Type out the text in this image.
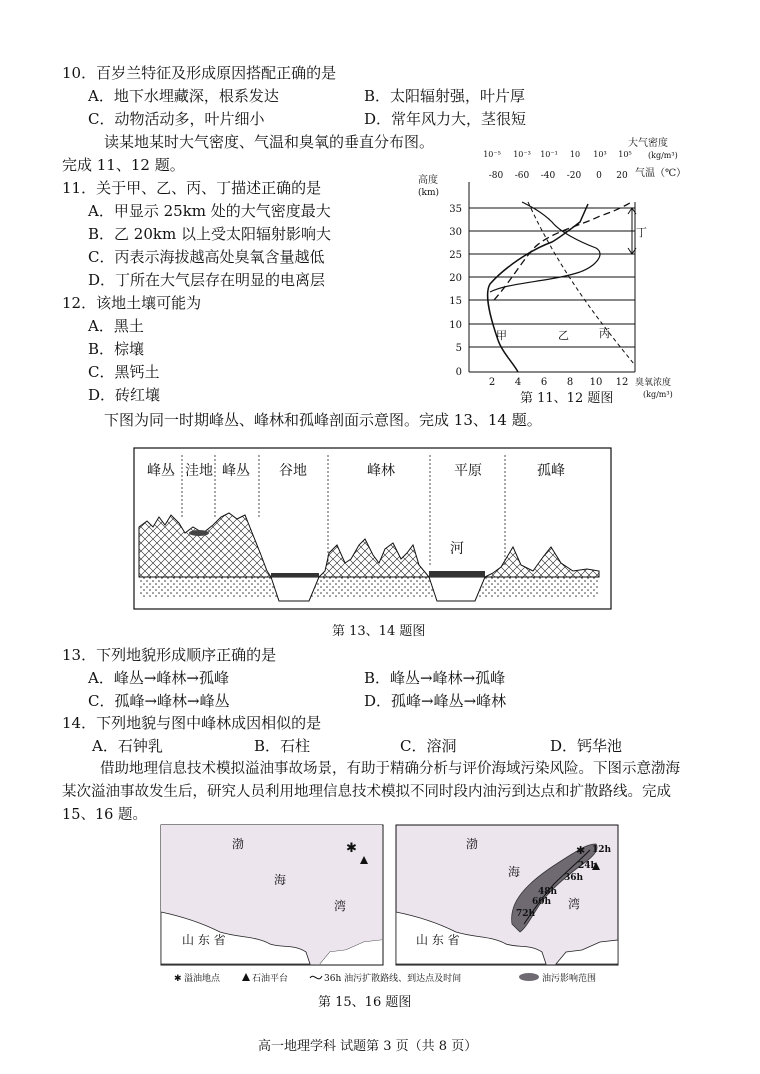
10．百岁兰特征及形成原因搭配正确的是
A．地下水埋藏深，根系发达	B．太阳辐射强，叶片厚
C．动物活动多，叶片细小	D．常年风力大，茎很短
读某地某时大气密度、气温和臭氧的垂直分布图。
完成 11、12 题。
11．关于甲、乙、丙、丁描述正确的是
A．甲显示 25km 处的大气密度最大
B．乙 20km 以上受太阳辐射影响大
C．丙表示海拔越高处臭氧含量越低
D．丁所在大气层存在明显的电离层
12．该地土壤可能为
A．黑土
B．棕壤
C．黑钙土
D．砖红壤
大气密度
(kg/m³)
气温（℃）
10⁻⁵ 10⁻³ 10⁻¹ 10 10³ 10⁵
-80 -60 -40 -20 0 20
高度
(km)
35
30
25
20
15
10
5
0
2 4 6 8 10 12 臭氧浓度
(kg/m³)
丁
甲	乙	丙
第 11、12 题图
下图为同一时期峰丛、峰林和孤峰剖面示意图。完成 13、14 题。
峰丛 洼地 峰丛 谷地	峰林	平原	孤峰
河
第 13、14 题图
13．下列地貌形成顺序正确的是
A．峰丛→峰林→孤峰	B．峰丛→峰林→孤峰
C．孤峰→峰林→峰丛	D．孤峰→峰丛→峰林
14．下列地貌与图中峰林成因相似的是
A．石钟乳	B．石柱	C．溶洞	D．钙华池
借助地理信息技术模拟溢油事故场景，有助于精确分析与评价海域污染风险。下图示意渤海
某次溢油事故发生后，研究人员利用地理信息技术模拟不同时段内油污到达点和扩散路线。完成
15、16 题。
渤
海
湾
山 东 省
✱	渤
海
湾
山 东 省
✱ 12h
24h
36h
48h
60h
72h
✱ 溢油地点	石油平台	36h 油污扩散路线、到达点及时间	油污影响范围
第 15、16 题图
高一地理学科 试题第 3 页（共 8 页）
